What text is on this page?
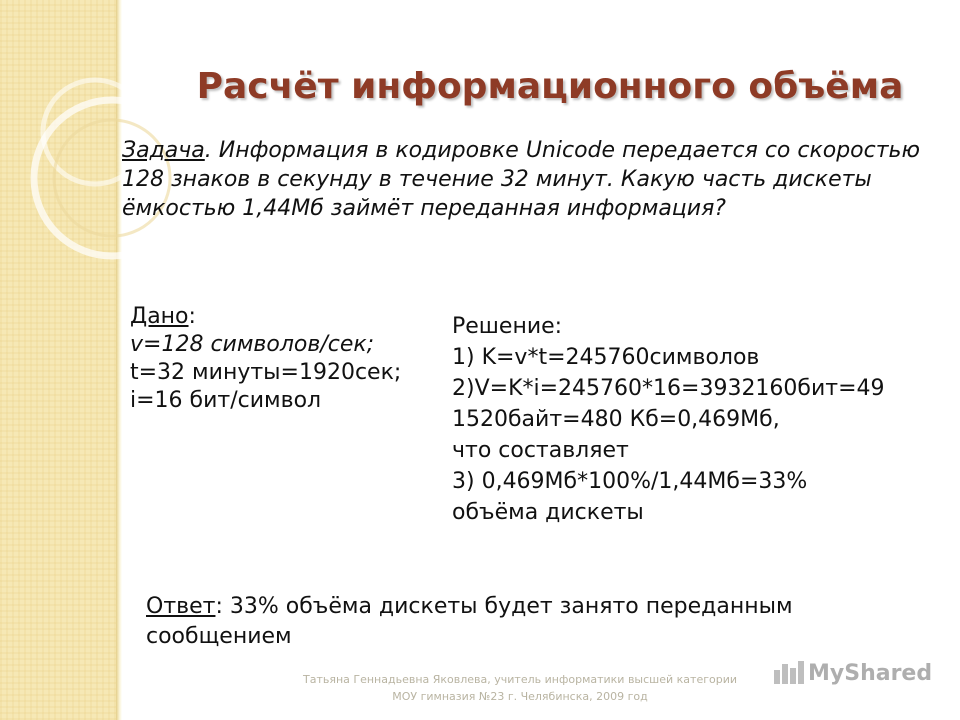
Расчёт информационного объёма

Задача. Информация в кодировке Unicode передается со скоростью 128 знаков в секунду в течение 32 минут. Какую часть дискеты ёмкостью 1,44Мб займёт переданная информация?

Дано:
v=128 символов/сек;
t=32 минуты=1920сек;
i=16 бит/символ
Решение:
1) K=v*t=245760символов
2)V=K*i=245760*16=3932160бит=49
1520байт=480 Кб=0,469Мб,
что составляет
3) 0,469Мб*100%/1,44Мб=33%
объёма дискеты

Ответ: 33% объёма дискеты будет занято переданным сообщением

Татьяна Геннадьевна Яковлева, учитель информатики высшей категории
МОУ гимназия №23 г. Челябинска, 2009 год
MyShared
